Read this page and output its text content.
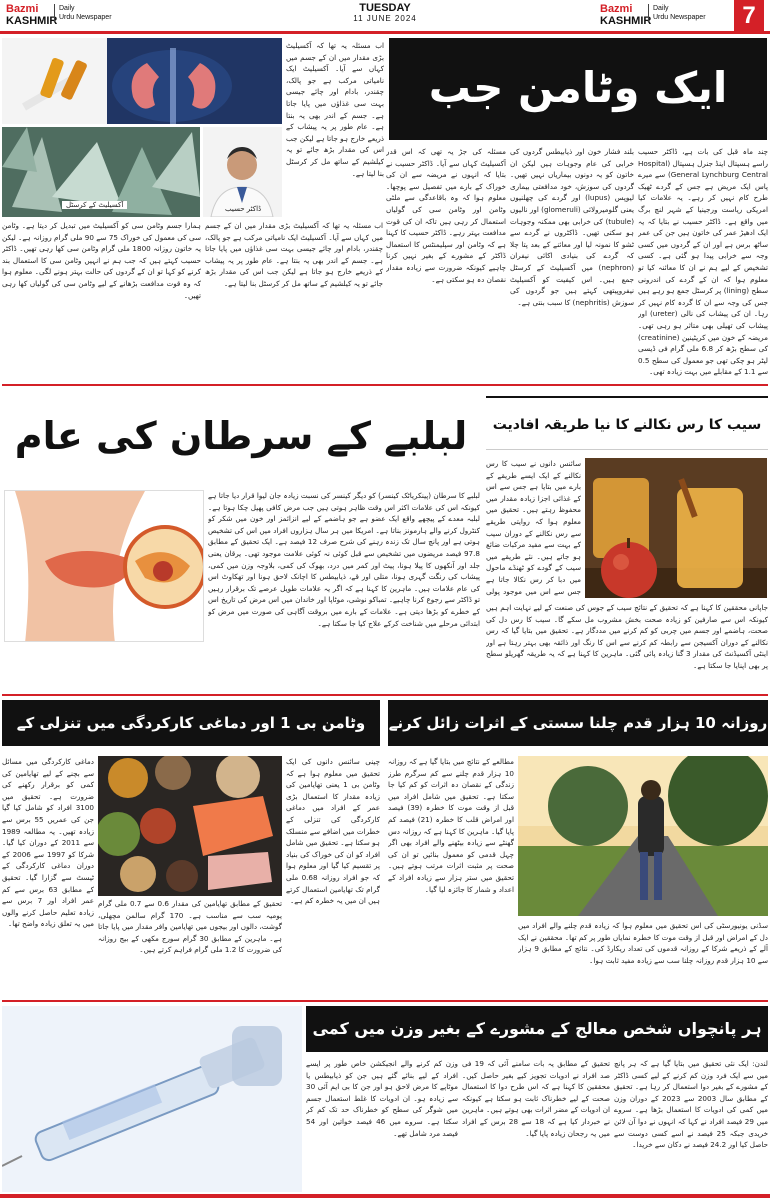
Bazmi
KASHMIR
Daily
Urdu Newspaper
TUESDAY
11 JUNE 2024
Bazmi
KASHMIR
Daily
Urdu Newspaper	7
آکسیلیٹ کے کرسٹل	ڈاکٹر حسیب
اب مسئلہ یہ تھا کہ آکسیلیٹ بڑی مقدار میں ان کے جسم میں کہاں سے آیا۔ آکسیلیٹ ایک نامیاتی مرکب ہے جو پالک، چقندر، بادام اور چائے جیسی بہت سی غذاؤں میں پایا جاتا ہے۔ جسم کے اندر بھی یہ بنتا ہے۔ عام طور پر یہ پیشاب کے ذریعے خارج ہو جاتا ہے لیکن جب اس کی مقدار بڑھ جائے تو یہ کیلشیم کے ساتھ مل کر کرسٹل بنا لیتا ہے۔
ایک وٹامن جب
چند ماہ قبل کی بات ہے، ڈاکٹر حسیب راسے ہسپتال اینڈ جنرل ہسپتال (Hospital General Lynchburg Central) سے میرے پاس ایک مریض ہے جس کے گردے ٹھیک طرح کام نہیں کر رہے۔ یہ علامات کیا امریکی ریاست ورجینیا کے شہر لنچ برگ میں واقع ہے۔ ڈاکٹر حسیب نے بتایا کہ یہ ایک ادھیڑ عمر کی خاتون ہیں جن کی عمر ساٹھ برس ہے اور ان کے گردوں میں کسی وجہ سے خرابی پیدا ہو گئی ہے۔ کسی تشخیص کے لیے ہم نے ان کا معائنہ کیا تو معلوم ہوا کہ ان کے گردے کی اندرونی سطح (lining) پر کرسٹل جمع ہو رہے ہیں جس کی وجہ سے ان کا گردہ کام نہیں کر رہا۔ ان کی پیشاب کی نالی (ureter) اور پیشاب کی تھیلی بھی متاثر ہو رہی تھی۔ مریضہ کے خون میں کریٹینین (creatinine) کی سطح بڑھ کر 6.8 ملی گرام فی ڈیسی لیٹر ہو چکی تھی جو معمول کی سطح 0.5 سے 1.1 کے مقابلے میں بہت زیادہ تھی۔
بلند فشار خون اور ذیابیطس گردوں کی خرابی کی عام وجوہات ہیں لیکن ان خاتون کو یہ دونوں بیماریاں نہیں تھیں۔ گردوں کی سوزش، خود مدافعتی بیماری لیوپس (lupus) اور گردے کی چھلنیوں یعنی گلومیرولائی (glomeruli) اور نالیوں (tubule) کی خرابی بھی ممکنہ وجوہات ہو سکتی تھیں۔ ڈاکٹروں نے گردے سے ٹشو کا نمونہ لیا اور معائنے کے بعد پتا چلا کہ گردے کی بنیادی اکائی نیفران (nephron) میں آکسیلیٹ کے کرسٹل جمع ہیں۔ اس کیفیت کو آکسیلیٹ نیفروپیتھی کہتے ہیں جو گردوں کی سوزش (nephritis) کا سبب بنتی ہے۔
مسئلہ کی جڑ یہ تھی کہ اس قدر آکسیلیٹ کہاں سے آیا۔ ڈاکٹر حسیب نے بتایا کہ انہوں نے مریضہ سے ان کی خوراک کے بارے میں تفصیل سے پوچھا۔ معلوم ہوا کہ وہ باقاعدگی سے ملٹی وٹامن اور وٹامن سی کی گولیاں استعمال کر رہی ہیں تاکہ ان کی قوت مدافعت بہتر رہے۔ ڈاکٹر حسیب کا کہنا ہے کہ وٹامن اور سپلیمنٹس کا استعمال ڈاکٹر کے مشورے کے بغیر نہیں کرنا چاہیے کیونکہ ضرورت سے زیادہ مقدار نقصان دہ ہو سکتی ہے۔
اب مسئلہ یہ تھا کہ آکسیلیٹ بڑی مقدار میں ان کے جسم میں کہاں سے آیا۔ آکسیلیٹ ایک نامیاتی مرکب ہے جو پالک، چقندر، بادام اور چائے جیسی بہت سی غذاؤں میں پایا جاتا ہے۔ جسم کے اندر بھی یہ بنتا ہے۔ عام طور پر یہ پیشاب کے ذریعے خارج ہو جاتا ہے لیکن جب اس کی مقدار بڑھ جائے تو یہ کیلشیم کے ساتھ مل کر کرسٹل بنا لیتا ہے۔
ہمارا جسم وٹامن سی کو آکسیلیٹ میں تبدیل کر دیتا ہے۔ وٹامن سی کی معمول کی خوراک 75 سے 90 ملی گرام روزانہ ہے۔ لیکن یہ خاتون روزانہ 1800 ملی گرام وٹامن سی کھا رہی تھیں۔ ڈاکٹر حسیب کہتے ہیں کہ جب ہم نے انہیں وٹامن سی کا استعمال بند کرنے کو کہا تو ان کے گردوں کی حالت بہتر ہونے لگی۔ معلوم ہوا کہ وہ قوت مدافعت بڑھانے کے لیے وٹامن سی کی گولیاں کھا رہی تھیں۔
لبلبے کے سرطان کی عام
لبلبے کا سرطان (پینکریاٹک کینسر) کو دیگر کینسر کی نسبت زیادہ جان لیوا قرار دیا جاتا ہے کیونکہ اس کی علامات اکثر اس وقت ظاہر ہوتی ہیں جب مرض کافی پھیل چکا ہوتا ہے۔ لبلبہ معدے کے پیچھے واقع ایک عضو ہے جو ہاضمے کے لیے انزائمز اور خون میں شکر کو کنٹرول کرنے والے ہارمونز بناتا ہے۔ امریکا میں ہر سال ہزاروں افراد میں اس کی تشخیص ہوتی ہے اور پانچ سال تک زندہ رہنے کی شرح صرف 12 فیصد ہے۔ ایک تحقیق کے مطابق 97.8 فیصد مریضوں میں تشخیص سے قبل کوئی نہ کوئی علامت موجود تھی۔ یرقان یعنی جلد اور آنکھوں کا پیلا ہونا، پیٹ اور کمر میں درد، بھوک کی کمی، بلاوجہ وزن میں کمی، پیشاب کی رنگت گہری ہونا، متلی اور قے، ذیابیطس کا اچانک لاحق ہونا اور تھکاوٹ اس کی عام علامات ہیں۔ ماہرین کا کہنا ہے کہ اگر یہ علامات طویل عرصے تک برقرار رہیں تو ڈاکٹر سے رجوع کرنا چاہیے۔ تمباکو نوشی، موٹاپا اور خاندان میں اس مرض کی تاریخ اس کے خطرے کو بڑھا دیتی ہے۔ علامات کے بارے میں بروقت آگاہی کی صورت میں مرض کو ابتدائی مرحلے میں شناخت کرکے علاج کیا جا سکتا ہے۔
سیب کا رس نکالنے کا نیا طریقہ افادیت
سائنس دانوں نے سیب کا رس نکالنے کے ایک ایسے طریقے کے بارے میں بتایا ہے جس سے اس کے غذائی اجزا زیادہ مقدار میں محفوظ رہتے ہیں۔ تحقیق میں معلوم ہوا کہ روایتی طریقے سے رس نکالنے کے دوران سیب کے بہت سے مفید مرکبات ضائع ہو جاتے ہیں۔ نئے طریقے میں سیب کے گودے کو ٹھنڈے ماحول میں دبا کر رس نکالا جاتا ہے جس سے اس میں موجود پولی
جاپانی محققین کا کہنا ہے کہ تحقیق کے نتائج سیب کے جوس کی صنعت کے لیے نہایت اہم ہیں کیونکہ اس سے صارفین کو زیادہ صحت بخش مشروب مل سکے گا۔ سیب کا رس دل کی صحت، ہاضمے اور جسم میں چربی کو کم کرنے میں مددگار ہے۔ تحقیق میں بتایا گیا کہ رس نکالنے کے دوران آکسیجن سے رابطہ کم کرنے سے اس کا رنگ اور ذائقہ بھی بہتر رہتا ہے اور اینٹی آکسیڈنٹ کی مقدار 3 گنا زیادہ پائی گئی۔ ماہرین کا کہنا ہے کہ یہ طریقہ گھریلو سطح پر بھی اپنایا جا سکتا ہے۔
وٹامن بی 1 اور دماغی کارکردگی میں تنزلی کے
چینی سائنس دانوں کی ایک تحقیق میں معلوم ہوا ہے کہ وٹامن بی 1 یعنی تھایامین کی زیادہ مقدار کا استعمال بڑی عمر کے افراد میں دماغی کارکردگی کی تنزلی کے خطرات میں اضافے سے منسلک ہو سکتا ہے۔ تحقیق میں شامل افراد کو ان کی خوراک کی بنیاد پر تقسیم کیا گیا اور معلوم ہوا کہ جو افراد روزانہ 0.68 ملی گرام تک تھایامین استعمال کرتے ہیں ان میں یہ خطرہ کم ہے۔
تحقیق کے مطابق تھایامین کی مقدار 0.6 سے 0.7 ملی گرام یومیہ سب سے مناسب ہے۔ 170 گرام سالمن مچھلی، گوشت، دالوں اور بیجوں میں تھایامین وافر مقدار میں پایا جاتا ہے۔ ماہرین کے مطابق 30 گرام سورج مکھی کے بیج روزانہ کی ضرورت کا 1.2 ملی گرام فراہم کرتے ہیں۔
دماغی کارکردگی میں مسائل سے بچنے کے لیے تھایامین کی کمی کو برقرار رکھنے کی ضرورت ہے۔ تحقیق میں 3100 افراد کو شامل کیا گیا جن کی عمریں 55 برس سے زیادہ تھیں۔ یہ مطالعہ 1989 سے 2011 کے دوران کیا گیا۔ شرکا کو 1997 سے 2006 کے دوران دماغی کارکردگی کے ٹیسٹ سے گزارا گیا۔ تحقیق کے مطابق 63 برس سے کم عمر افراد اور 7 برس سے زیادہ تعلیم حاصل کرنے والوں میں یہ تعلق زیادہ واضح تھا۔
روزانہ 10 ہزار قدم چلنا سستی کے اثرات زائل کرنے
مطالعے کے نتائج میں بتایا گیا ہے کہ روزانہ 10 ہزار قدم چلنے سے کم سرگرم طرز زندگی کے نقصان دہ اثرات کو کم کیا جا سکتا ہے۔ تحقیق میں شامل افراد میں قبل از وقت موت کا خطرہ (39) فیصد اور امراض قلب کا خطرہ (21) فیصد کم پایا گیا۔ ماہرین کا کہنا ہے کہ روزانہ دس گھنٹے سے زیادہ بیٹھنے والے افراد بھی اگر چہل قدمی کو معمول بنائیں تو ان کی صحت پر مثبت اثرات مرتب ہوتے ہیں۔ تحقیق میں ستر ہزار سے زیادہ افراد کے اعداد و شمار کا جائزہ لیا گیا۔
سڈنی یونیورسٹی کی اس تحقیق میں معلوم ہوا کہ زیادہ قدم چلنے والے افراد میں دل کے امراض اور قبل از وقت موت کا خطرہ نمایاں طور پر کم تھا۔ محققین نے ایک آلے کے ذریعے شرکا کے روزانہ قدموں کی تعداد ریکارڈ کی۔ نتائج کے مطابق 9 ہزار سے 10 ہزار قدم روزانہ چلنا سب سے زیادہ مفید ثابت ہوا۔
ہر پانچواں شخص معالج کے مشورے کے بغیر وزن میں کمی
لندن: ایک نئی تحقیق میں بتایا گیا ہے کہ ہر پانچ میں سے ایک فرد وزن کم کرنے کے لیے کسی ڈاکٹر کے مشورے کے بغیر دوا استعمال کر رہا ہے۔ تحقیق کے مطابق سال 2003 سے 2023 کے دوران وزن میں کمی کی ادویات کا استعمال بڑھا ہے۔ سروے میں 29 فیصد افراد نے کہا کہ انہوں نے دوا آن لائن خریدی جبکہ 25 فیصد نے اسے کسی دوست سے حاصل کیا اور 24.2 فیصد نے دکان سے خریدا۔
تحقیق کے مطابق یہ بات سامنے آئی کہ 19 فی صد افراد نے ادویات تجویز کیے بغیر حاصل کیں۔ محققین کا کہنا ہے کہ اس طرح دوا کا استعمال صحت کے لیے خطرناک ثابت ہو سکتا ہے کیونکہ ان ادویات کے مضر اثرات بھی ہوتے ہیں۔ ماہرین نے خبردار کیا ہے کہ 18 سے 28 برس کے افراد میں یہ رجحان زیادہ پایا گیا۔
وزن کم کرنے والے انجیکشن خاص طور پر ایسے افراد کے لیے بنائے گئے ہیں جن کو ذیابیطس یا موٹاپے کا مرض لاحق ہو اور جن کا بی ایم آئی 30 سے زیادہ ہو۔ ان ادویات کا غلط استعمال جسم میں شوگر کی سطح کو خطرناک حد تک کم کر سکتا ہے۔ سروے میں 46 فیصد خواتین اور 54 فیصد مرد شامل تھے۔
